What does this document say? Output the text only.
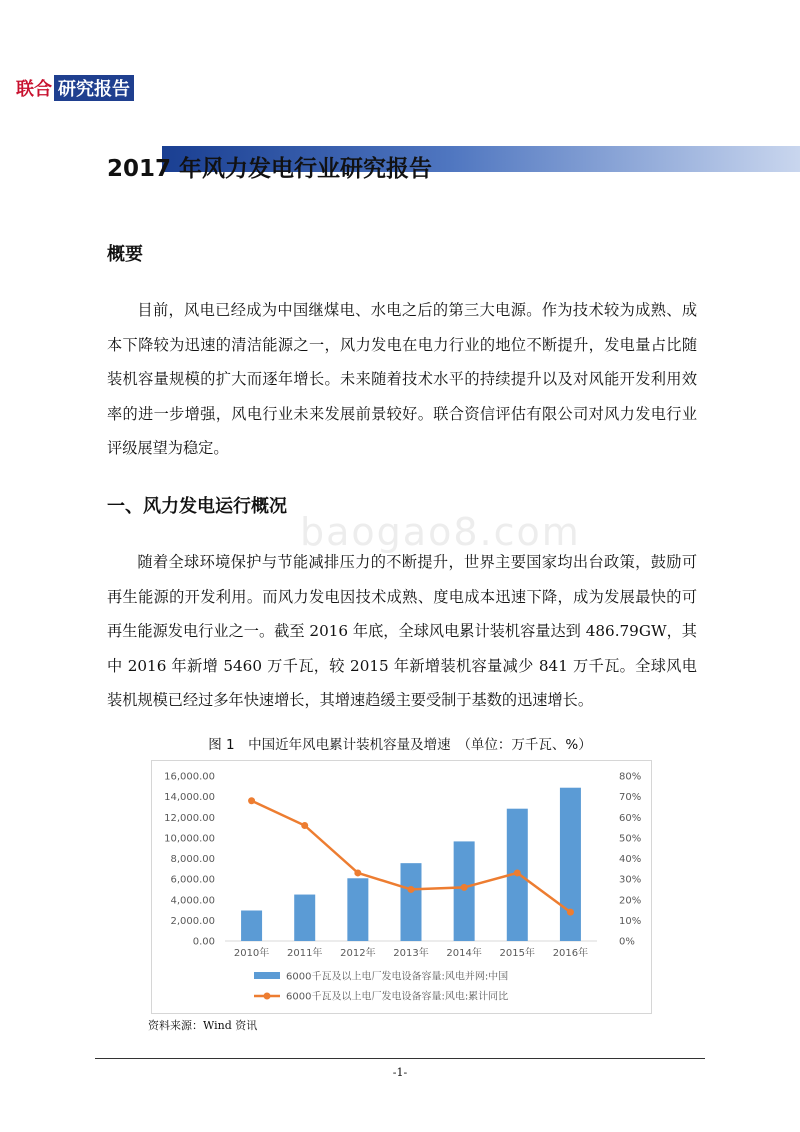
联合 研究报告
2017 年风力发电行业研究报告
概要

目前，风电已经成为中国继煤电、水电之后的第三大电源。作为技术较为成熟、成本下降较为迅速的清洁能源之一，风力发电在电力行业的地位不断提升，发电量占比随装机容量规模的扩大而逐年增长。未来随着技术水平的持续提升以及对风能开发利用效率的进一步增强，风电行业未来发展前景较好。联合资信评估有限公司对风力发电行业评级展望为稳定。

baogao8.com
一、风力发电运行概况

随着全球环境保护与节能减排压力的不断提升，世界主要国家均出台政策，鼓励可再生能源的开发利用。而风力发电因技术成熟、度电成本迅速下降，成为发展最快的可再生能源发电行业之一。截至 2016 年底，全球风电累计装机容量达到 486.79GW，其中 2016 年新增 5460 万千瓦，较 2015 年新增装机容量减少 841 万千瓦。全球风电装机规模已经过多年快速增长，其增速趋缓主要受制于基数的迅速增长。

图 1　中国近年风电累计装机容量及增速　（单位：万千瓦、%）
0.00
2,000.00
4,000.00
6,000.00
8,000.00
10,000.00
12,000.00
14,000.00
16,000.00
0%
10%
20%
30%
40%
50%
60%
70%
80%
2010年 2011年 2012年 2013年 2014年 2015年 2016年
6000千瓦及以上电厂发电设备容量:风电并网:中国
6000千瓦及以上电厂发电设备容量:风电:累计同比
资料来源：Wind 资讯
-1-
